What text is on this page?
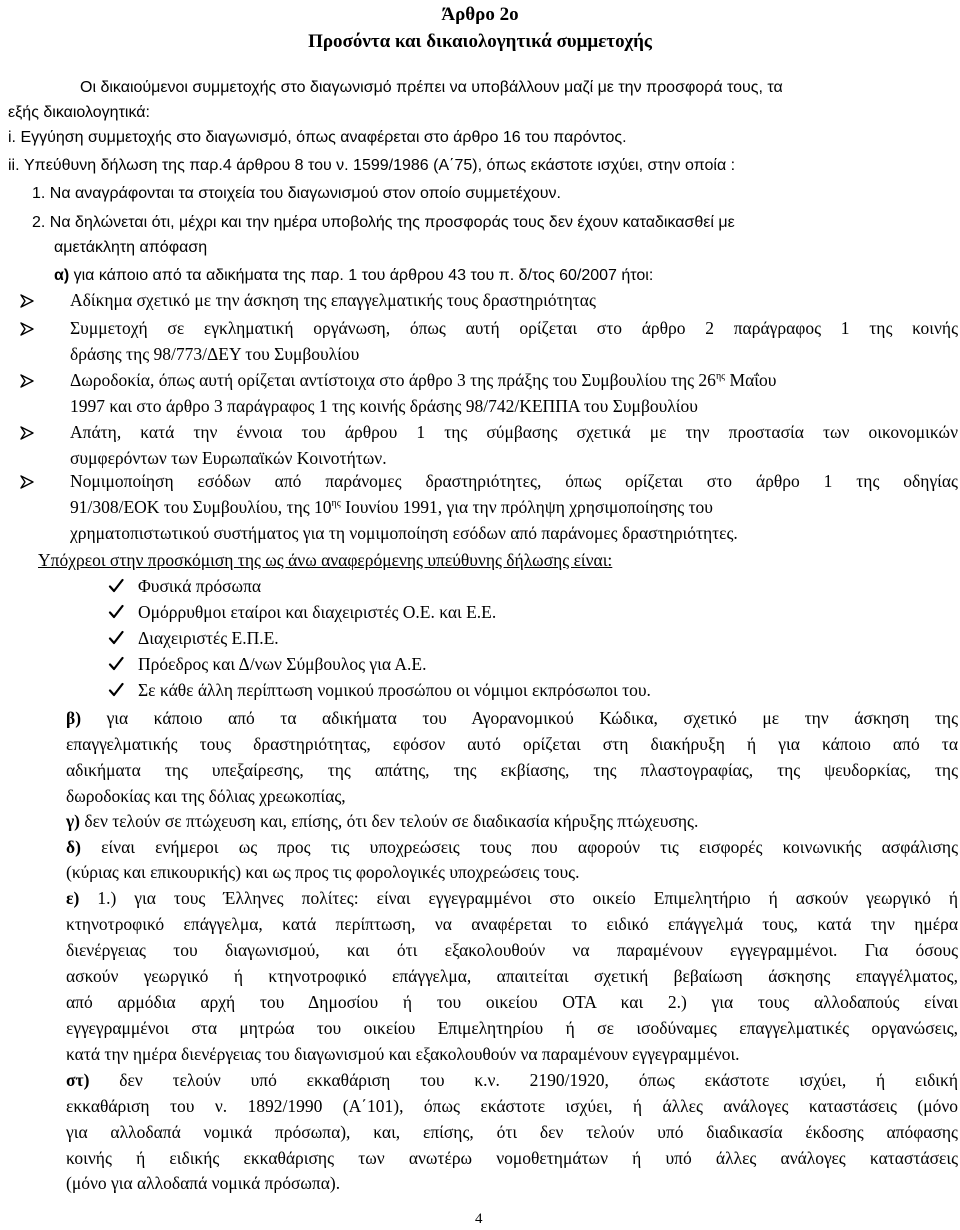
Άρθρο 2ο
Προσόντα και δικαιολογητικά συμμετοχής
Οι δικαιούμενοι συμμετοχής στο διαγωνισμό πρέπει να υποβάλλουν μαζί με την προσφορά τους, τα
εξής δικαιολογητικά:
i. Εγγύηση συμμετοχής στο διαγωνισμό, όπως αναφέρεται στο άρθρο 16 του παρόντος.
ii. Υπεύθυνη δήλωση της παρ.4 άρθρου 8 του ν. 1599/1986 (Α΄75), όπως εκάστοτε ισχύει, στην οποία :
1. Να αναγράφονται τα στοιχεία του διαγωνισμού στον οποίο συμμετέχουν.
2. Να δηλώνεται ότι, μέχρι και την ημέρα υποβολής της προσφοράς τους δεν έχουν καταδικασθεί με
αμετάκλητη απόφαση
α) για κάποιο από τα αδικήματα της παρ. 1 του άρθρου 43 του π. δ/τος 60/2007 ήτοι:
Αδίκημα σχετικό με την άσκηση της επαγγελματικής τους δραστηριότητας
Συμμετοχή σε εγκληματική οργάνωση, όπως αυτή ορίζεται στο άρθρο 2 παράγραφος 1 της κοινής
δράσης της 98/773/ΔΕΥ του Συμβουλίου
Δωροδοκία, όπως αυτή ορίζεται αντίστοιχα στο άρθρο 3 της πράξης του Συμβουλίου της $26^{\eta\varsigma}$ Μαΐου
1997 και στο άρθρο 3 παράγραφος 1 της κοινής δράσης 98/742/ΚΕΠΠΑ του Συμβουλίου
Απάτη, κατά την έννοια του άρθρου 1 της σύμβασης σχετικά με την προστασία των οικονομικών
συμφερόντων των Ευρωπαϊκών Κοινοτήτων.
Νομιμοποίηση εσόδων από παράνομες δραστηριότητες, όπως ορίζεται στο άρθρο 1 της οδηγίας
91/308/ΕΟΚ του Συμβουλίου, της $10^{\eta\varsigma}$ Ιουνίου 1991, για την πρόληψη χρησιμοποίησης του
χρηματοπιστωτικού συστήματος για τη νομιμοποίηση εσόδων από παράνομες δραστηριότητες.
Υπόχρεοι στην προσκόμιση της ως άνω αναφερόμενης υπεύθυνης δήλωσης είναι:
Φυσικά πρόσωπα
Ομόρρυθμοι εταίροι και διαχειριστές Ο.Ε. και Ε.Ε.
Διαχειριστές Ε.Π.Ε.
Πρόεδρος και Δ/νων Σύμβουλος για Α.Ε.
Σε κάθε άλλη περίπτωση νομικού προσώπου οι νόμιμοι εκπρόσωποι του.
β) για κάποιο από τα αδικήματα του Αγορανομικού Κώδικα, σχετικό με την άσκηση της
επαγγελματικής τους δραστηριότητας, εφόσον αυτό ορίζεται στη διακήρυξη ή για κάποιο από τα
αδικήματα της υπεξαίρεσης, της απάτης, της εκβίασης, της πλαστογραφίας, της ψευδορκίας, της
δωροδοκίας και της δόλιας χρεωκοπίας,
γ) δεν τελούν σε πτώχευση και, επίσης, ότι δεν τελούν σε διαδικασία κήρυξης πτώχευσης.
δ) είναι ενήμεροι ως προς τις υποχρεώσεις τους που αφορούν τις εισφορές κοινωνικής ασφάλισης
(κύριας και επικουρικής) και ως προς τις φορολογικές υποχρεώσεις τους.
ε) 1.) για τους Έλληνες πολίτες: είναι εγγεγραμμένοι στο οικείο Επιμελητήριο ή ασκούν γεωργικό ή
κτηνοτροφικό επάγγελμα, κατά περίπτωση, να αναφέρεται το ειδικό επάγγελμά τους, κατά την ημέρα
διενέργειας του διαγωνισμού, και ότι εξακολουθούν να παραμένουν εγγεγραμμένοι. Για όσους
ασκούν γεωργικό ή κτηνοτροφικό επάγγελμα, απαιτείται σχετική βεβαίωση άσκησης επαγγέλματος,
από αρμόδια αρχή του Δημοσίου ή του οικείου ΟΤΑ και 2.) για τους αλλοδαπούς είναι
εγγεγραμμένοι στα μητρώα του οικείου Επιμελητηρίου ή σε ισοδύναμες επαγγελματικές οργανώσεις,
κατά την ημέρα διενέργειας του διαγωνισμού και εξακολουθούν να παραμένουν εγγεγραμμένοι.
στ) δεν τελούν υπό εκκαθάριση του κ.ν. 2190/1920, όπως εκάστοτε ισχύει, ή ειδική
εκκαθάριση του ν. 1892/1990 (Α΄101), όπως εκάστοτε ισχύει, ή άλλες ανάλογες καταστάσεις (μόνο
για αλλοδαπά νομικά πρόσωπα), και, επίσης, ότι δεν τελούν υπό διαδικασία έκδοσης απόφασης
κοινής ή ειδικής εκκαθάρισης των ανωτέρω νομοθετημάτων ή υπό άλλες ανάλογες καταστάσεις
(μόνο για αλλοδαπά νομικά πρόσωπα).
4
